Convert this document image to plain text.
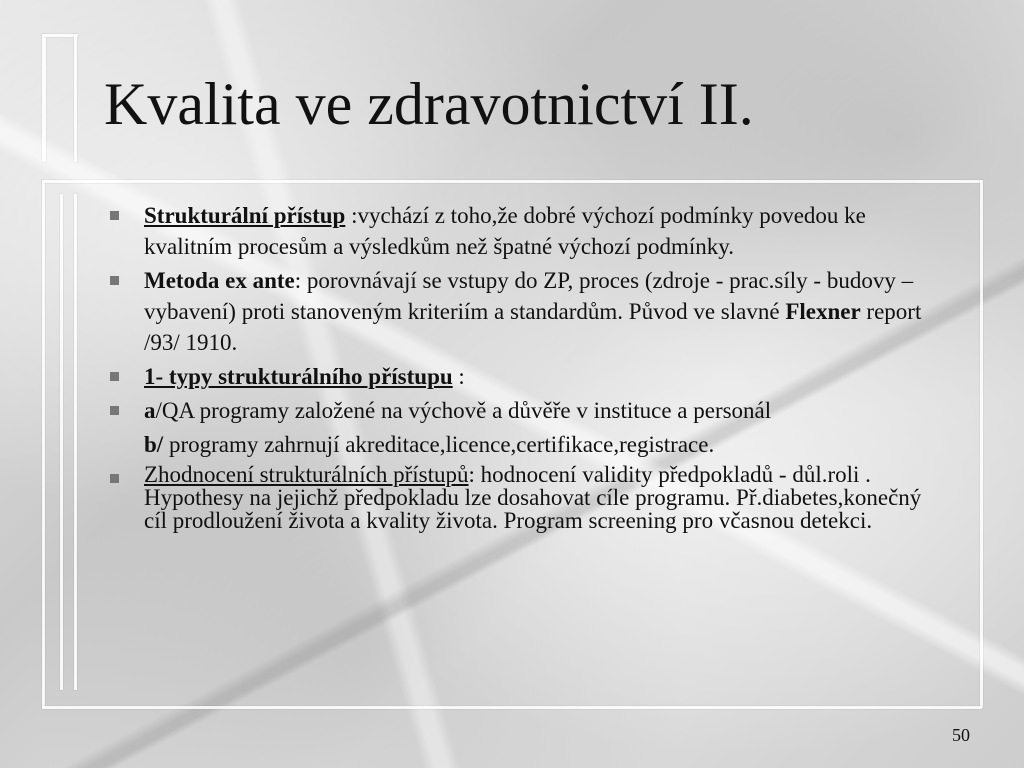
Kvalita ve zdravotnictví II.
Strukturální přístup :vychází z toho,že dobré výchozí podmínky povedou ke kvalitním procesům a výsledkům než špatné výchozí podmínky.
Metoda ex ante: porovnávají se vstupy do ZP, proces (zdroje - prac.síly - budovy – vybavení) proti stanoveným kriteriím a standardům. Původ ve slavné Flexner report /93/ 1910.
1- typy strukturálního přístupu :
a/QA programy založené na výchově a důvěře v instituce a personál
b/ programy zahrnují akreditace,licence,certifikace,registrace.
Zhodnocení strukturálních přístupů: hodnocení validity předpokladů - důl.roli . Hypothesy na jejichž předpokladu lze dosahovat cíle programu. Př.diabetes,konečný cíl prodloužení života a kvality života. Program screening pro včasnou detekci.
50
